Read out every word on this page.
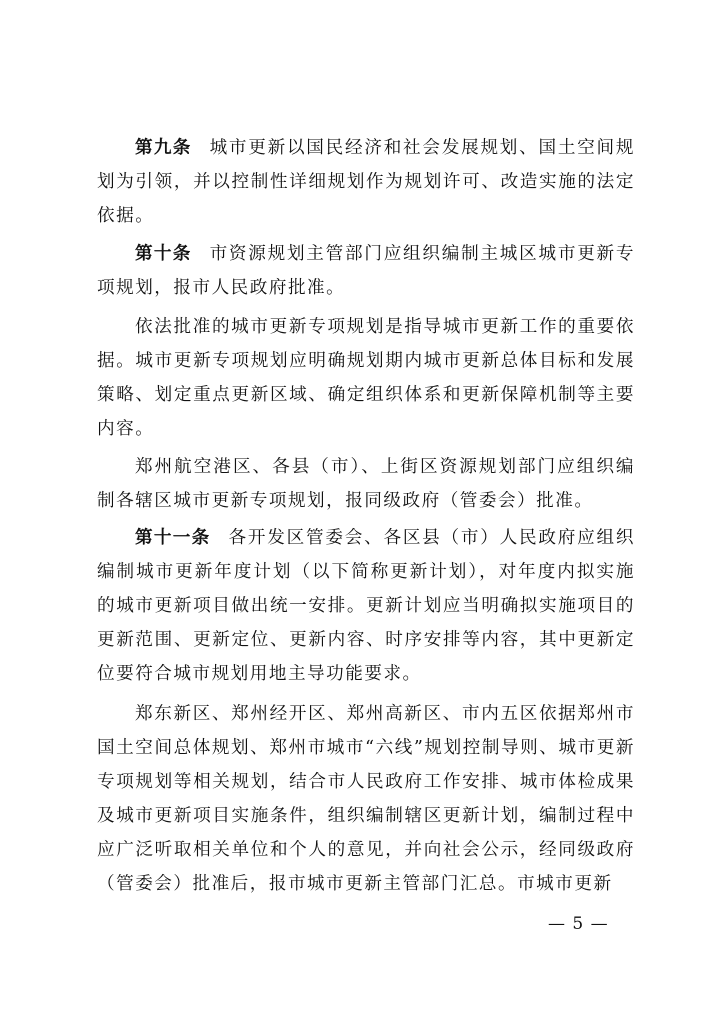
第九条 城市更新以国民经济和社会发展规划、国土空间规划为引领，并以控制性详细规划作为规划许可、改造实施的法定依据。

第十条 市资源规划主管部门应组织编制主城区城市更新专项规划，报市人民政府批准。

依法批准的城市更新专项规划是指导城市更新工作的重要依据。城市更新专项规划应明确规划期内城市更新总体目标和发展策略、划定重点更新区域、确定组织体系和更新保障机制等主要内容。

郑州航空港区、各县（市）、上街区资源规划部门应组织编制各辖区城市更新专项规划，报同级政府（管委会）批准。

第十一条 各开发区管委会、各区县（市）人民政府应组织编制城市更新年度计划（以下简称更新计划），对年度内拟实施的城市更新项目做出统一安排。更新计划应当明确拟实施项目的更新范围、更新定位、更新内容、时序安排等内容，其中更新定位要符合城市规划用地主导功能要求。

郑东新区、郑州经开区、郑州高新区、市内五区依据郑州市国土空间总体规划、郑州市城市“六线”规划控制导则、城市更新专项规划等相关规划，结合市人民政府工作安排、城市体检成果及城市更新项目实施条件，组织编制辖区更新计划，编制过程中应广泛听取相关单位和个人的意见，并向社会公示，经同级政府（管委会）批准后，报市城市更新主管部门汇总。市城市更新

— 5 —
